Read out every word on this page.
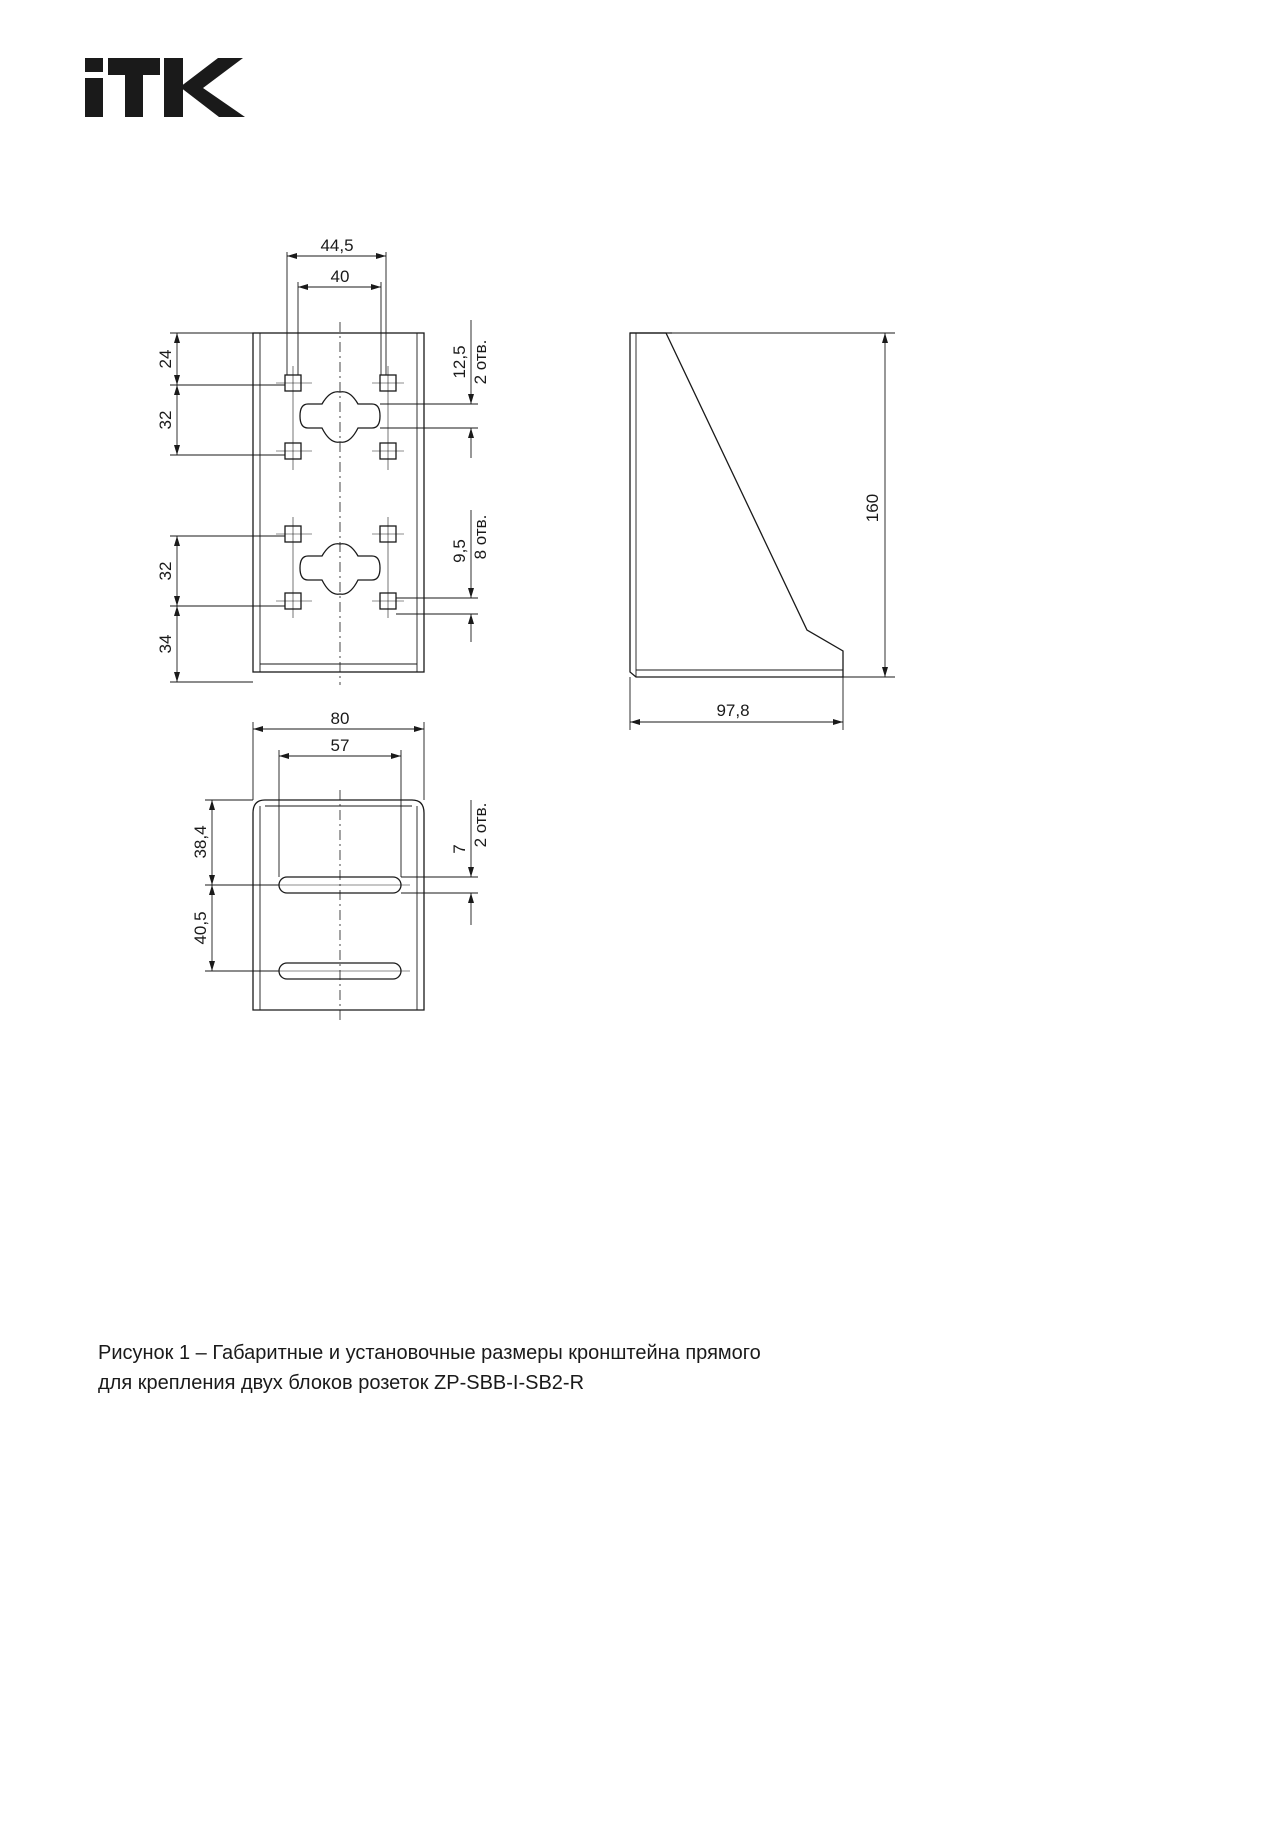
44,5
40
24
32
32
34
12,5 2 отв.
9,5 8 отв.
160
97,8
80
57
38,4
40,5
7
2 отв.
Рисунок 1 – Габаритные и установочные размеры кронштейна прямого
для крепления двух блоков розеток ZP-SBB-I-SB2-R
